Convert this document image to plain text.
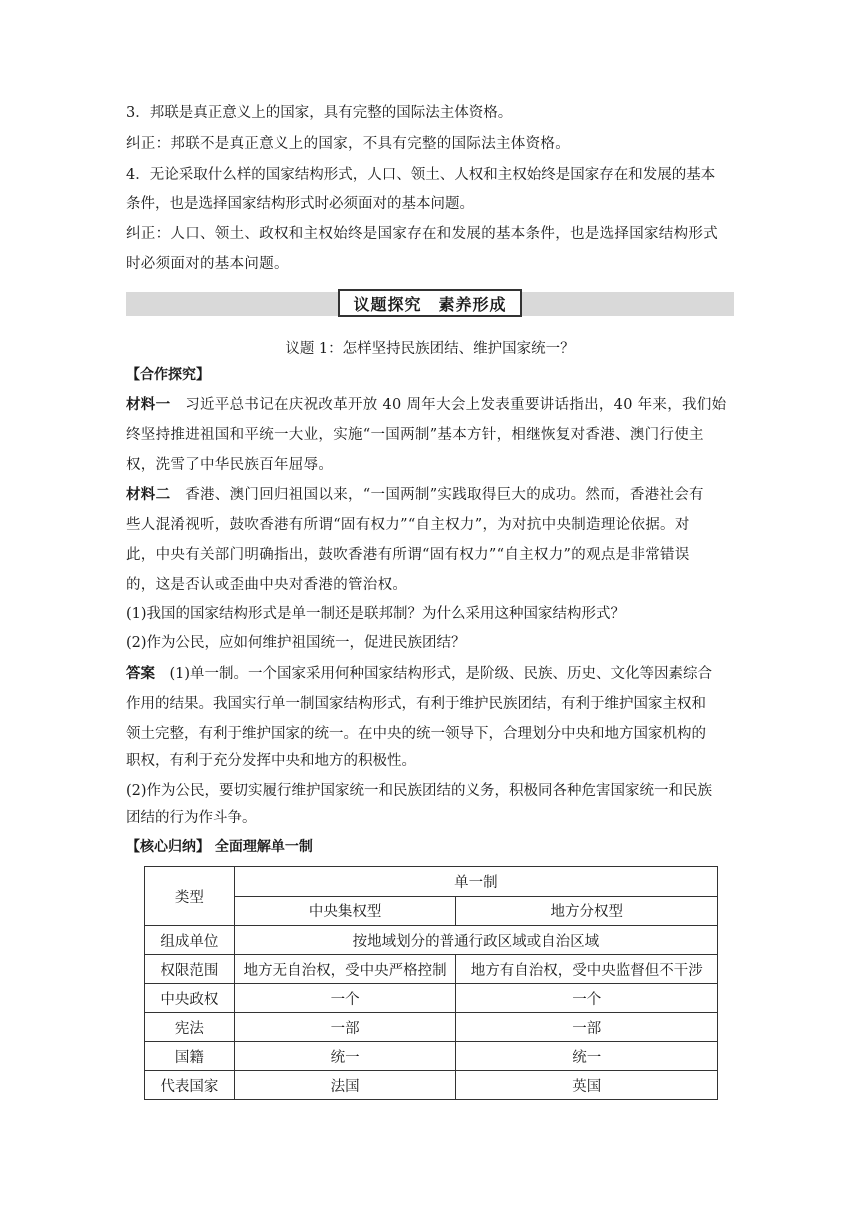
3．邦联是真正意义上的国家，具有完整的国际法主体资格。

纠正：邦联不是真正意义上的国家，不具有完整的国际法主体资格。

4．无论采取什么样的国家结构形式，人口、领土、人权和主权始终是国家存在和发展的基本

条件，也是选择国家结构形式时必须面对的基本问题。

纠正：人口、领土、政权和主权始终是国家存在和发展的基本条件，也是选择国家结构形式

时必须面对的基本问题。

议题探究　素养形成
议题 1：怎样坚持民族团结、维护国家统一？

【合作探究】

材料一　习近平总书记在庆祝改革开放 40 周年大会上发表重要讲话指出，40 年来，我们始

终坚持推进祖国和平统一大业，实施“一国两制”基本方针，相继恢复对香港、澳门行使主

权，洗雪了中华民族百年屈辱。

材料二　香港、澳门回归祖国以来，“一国两制”实践取得巨大的成功。然而，香港社会有

些人混淆视听，鼓吹香港有所谓“固有权力”“自主权力”，为对抗中央制造理论依据。对

此，中央有关部门明确指出，鼓吹香港有所谓“固有权力”“自主权力”的观点是非常错误

的，这是否认或歪曲中央对香港的管治权。

(1)我国的国家结构形式是单一制还是联邦制？为什么采用这种国家结构形式？

(2)作为公民，应如何维护祖国统一，促进民族团结？

答案　(1)单一制。一个国家采用何种国家结构形式，是阶级、民族、历史、文化等因素综合

作用的结果。我国实行单一制国家结构形式，有利于维护民族团结，有利于维护国家主权和

领土完整，有利于维护国家的统一。在中央的统一领导下，合理划分中央和地方国家机构的

职权，有利于充分发挥中央和地方的积极性。

(2)作为公民，要切实履行维护国家统一和民族团结的义务，积极同各种危害国家统一和民族

团结的行为作斗争。

【核心归纳】 全面理解单一制

类型	单一制	
	中央集权型	地方分权型
组成单位	按地域划分的普通行政区域或自治区域	
权限范围	地方无自治权，受中央严格控制	地方有自治权，受中央监督但不干涉
中央政权	一个	一个
宪法	一部	一部
国籍	统一	统一
代表国家	法国	英国
